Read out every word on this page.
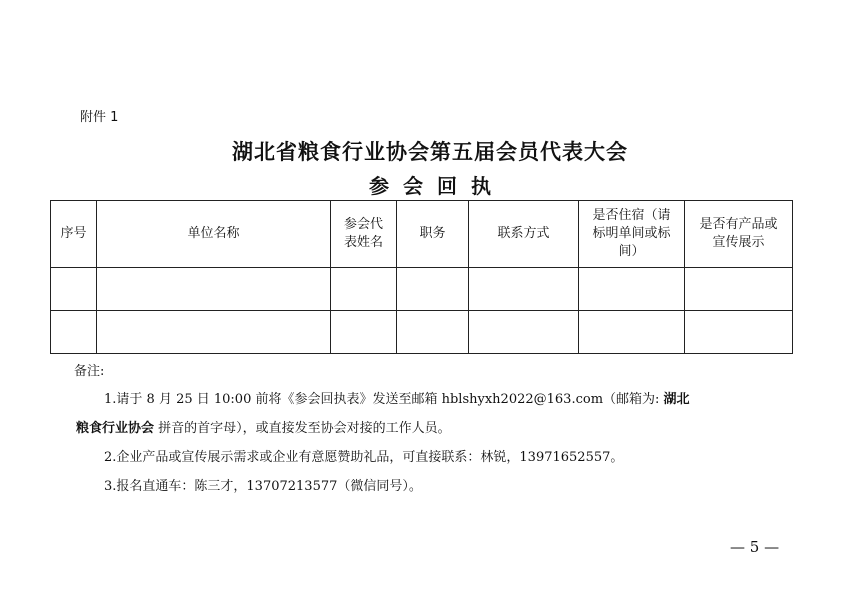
附件 1
湖北省粮食行业协会第五届会员代表大会
参会回执
序号	单位名称	参会代表姓名	职务	联系方式	是否住宿（请标明单间或标间）	是否有产品或宣传展示

备注:
1.请于 8 月 25 日 10:00 前将《参会回执表》发送至邮箱 hblshyxh2022@163.com（邮箱为: 湖北
粮食行业协会 拼音的首字母），或直接发至协会对接的工作人员。
2.企业产品或宣传展示需求或企业有意愿赞助礼品，可直接联系：林锐，13971652557。
3.报名直通车：陈三才，13707213577（微信同号）。
— 5 —
